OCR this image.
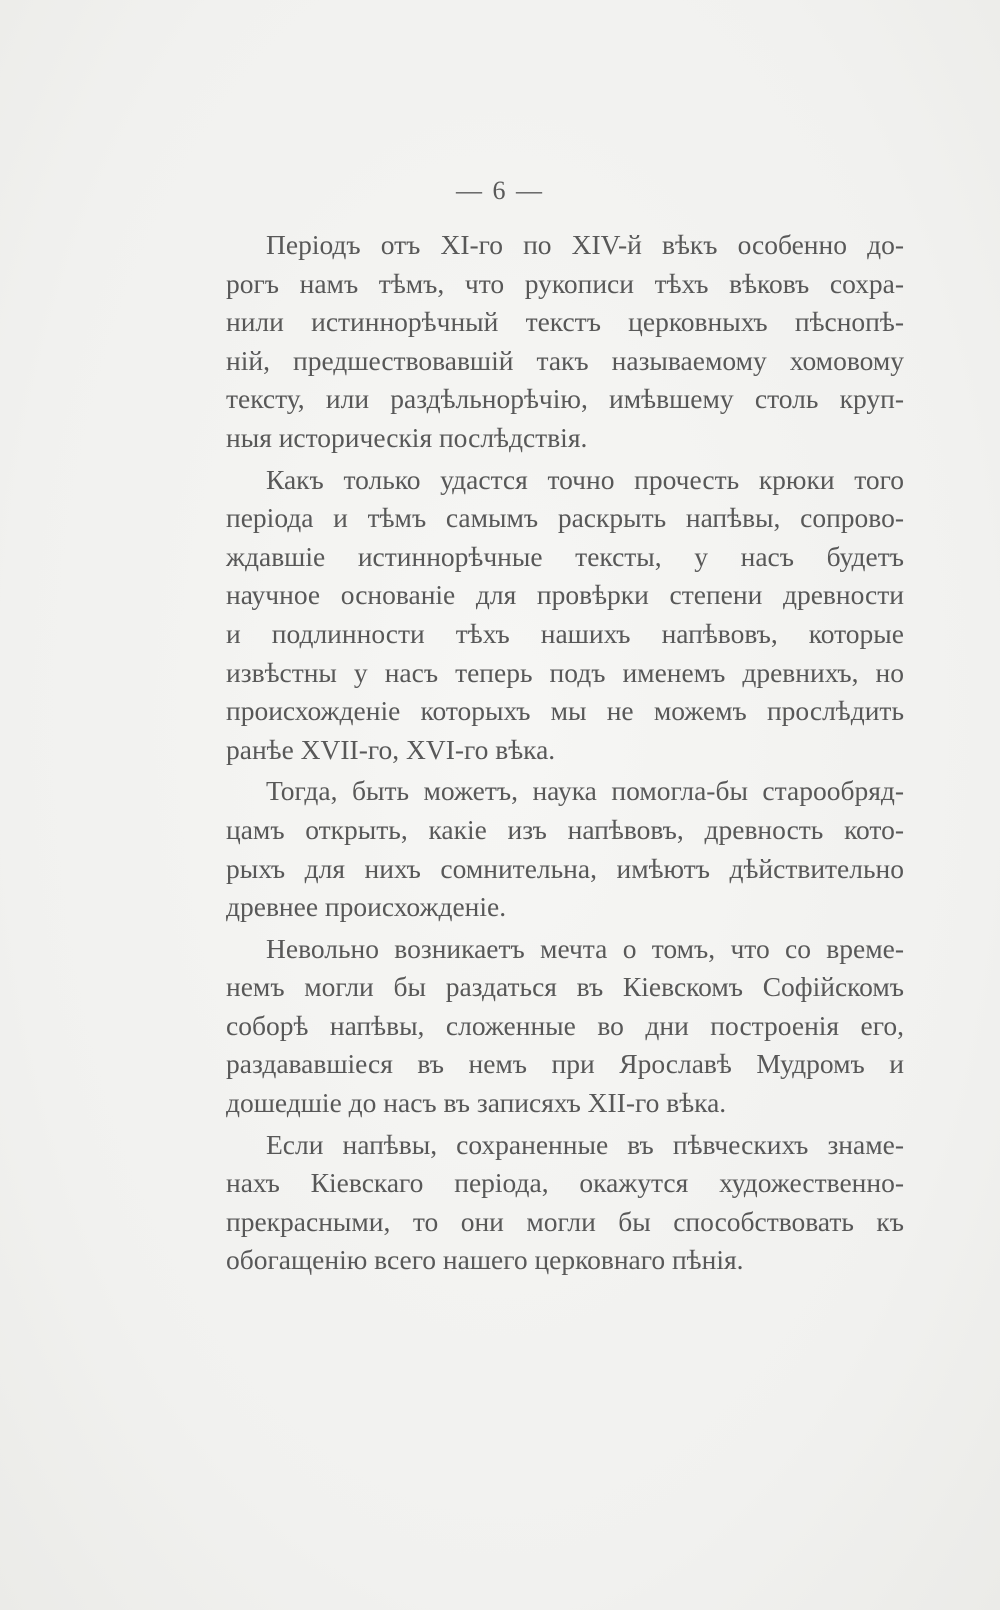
— 6 —
Періодъ отъ XI-го по XIV-й вѣкъ особенно до-
рогъ намъ тѣмъ, что рукописи тѣхъ вѣковъ сохра-
нили истиннорѣчный текстъ церковныхъ пѣснопѣ-
ній, предшествовавшій такъ называемому хомовому
тексту, или раздѣльнорѣчію, имѣвшему столь круп-
ныя историческія послѣдствія.
Какъ только удастся точно прочесть крюки того
періода и тѣмъ самымъ раскрыть напѣвы, сопрово-
ждавшіе истиннорѣчные тексты, у насъ будетъ
научное основаніе для провѣрки степени древности
и подлинности тѣхъ нашихъ напѣвовъ, которые
извѣстны у насъ теперь подъ именемъ древнихъ, но
происхожденіе которыхъ мы не можемъ прослѣдить
ранѣе XVII-го, XVI-го вѣка.
Тогда, быть можетъ, наука помогла-бы старообряд-
цамъ открыть, какіе изъ напѣвовъ, древность кото-
рыхъ для нихъ сомнительна, имѣютъ дѣйствительно
древнее происхожденіе.
Невольно возникаетъ мечта о томъ, что со време-
немъ могли бы раздаться въ Кіевскомъ Софійскомъ
соборѣ напѣвы, сложенные во дни построенія его,
раздававшіеся въ немъ при Ярославѣ Мудромъ и
дошедшіе до насъ въ записяхъ XII-го вѣка.
Если напѣвы, сохраненные въ пѣвческихъ знаме-
нахъ Кіевскаго періода, окажутся художественно-
прекрасными, то они могли бы способствовать къ
обогащенію всего нашего церковнаго пѣнія.
